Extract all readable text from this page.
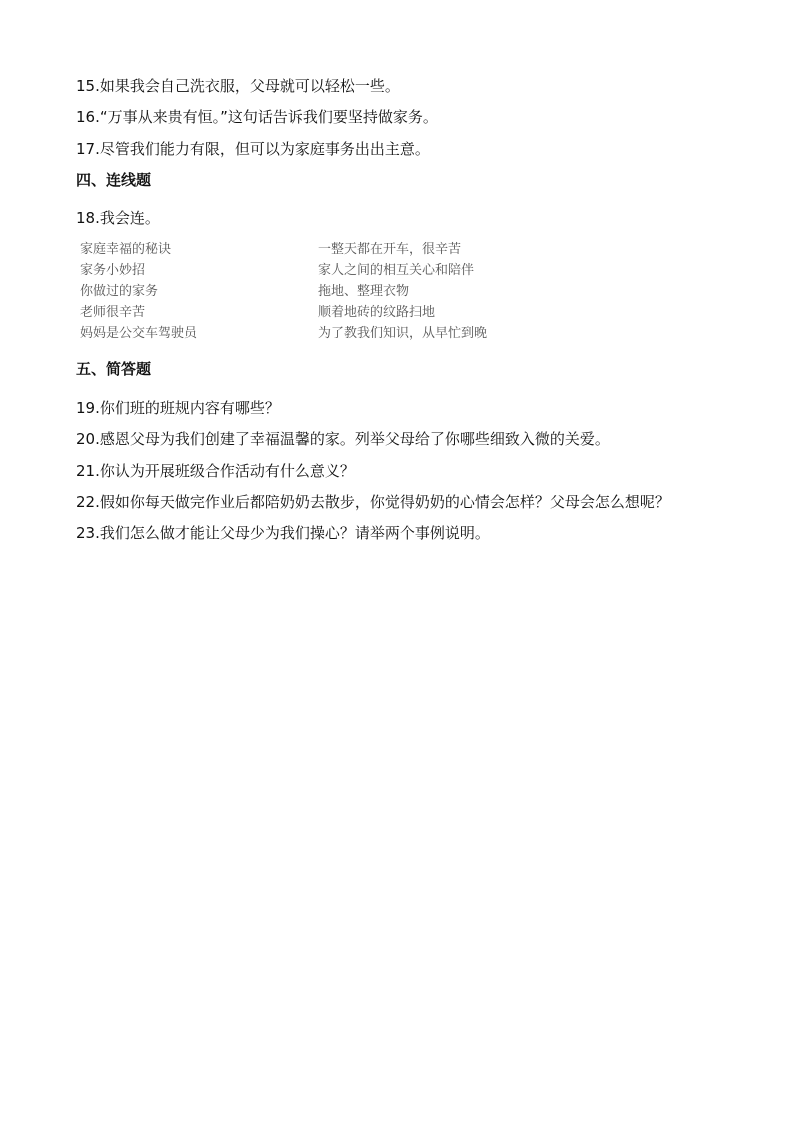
15.如果我会自己洗衣服，父母就可以轻松一些。
16.“万事从来贵有恒。”这句话告诉我们要坚持做家务。
17.尽管我们能力有限，但可以为家庭事务出出主意。
四、连线题
18.我会连。
家庭幸福的秘诀	一整天都在开车，很辛苦
家务小妙招	家人之间的相互关心和陪伴
你做过的家务	拖地、整理衣物
老师很辛苦	顺着地砖的纹路扫地
妈妈是公交车驾驶员	为了教我们知识，从早忙到晚
五、简答题
19.你们班的班规内容有哪些？
20.感恩父母为我们创建了幸福温馨的家。列举父母给了你哪些细致入微的关爱。
21.你认为开展班级合作活动有什么意义？
22.假如你每天做完作业后都陪奶奶去散步，你觉得奶奶的心情会怎样？父母会怎么想呢？
23.我们怎么做才能让父母少为我们操心？请举两个事例说明。
